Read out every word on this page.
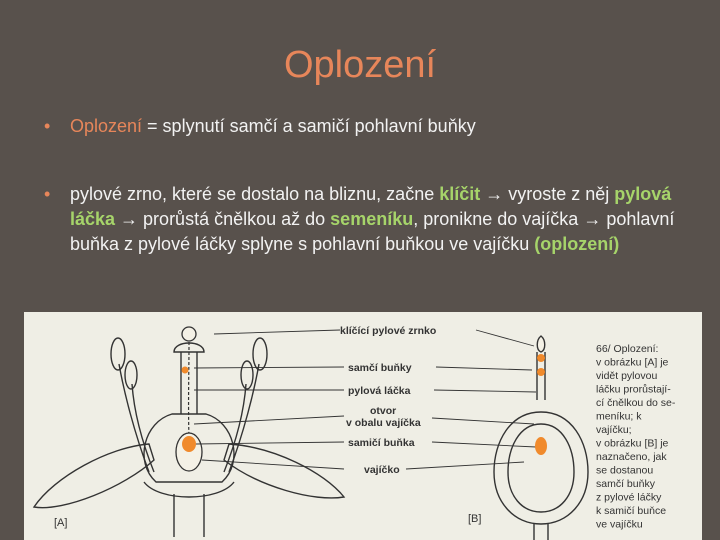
Oplození
•	Oplození = splynutí samčí a samičí pohlavní buňky
•	pylové zrno, které se dostalo na bliznu, začne klíčit → vyroste z něj pylová láčka → prorůstá čnělkou až do semeníku, pronikne do vajíčka → pohlavní buňka z pylové láčky splyne s pohlavní buňkou ve vajíčku (oplození)
klíčící pylové zrnko
samčí buňky
pylová láčka
otvor
v obalu vajíčka
samičí buňka
vajíčko
[A]	[B]
66/ Oplození:
v obrázku [A] je
vidět pylovou
láčku prorůstají-
cí čnělkou do se-
meníku; k
vajíčku;
v obrázku [B] je
naznačeno, jak
se dostanou
samčí buňky
z pylové láčky
k samičí buňce
ve vajíčku
